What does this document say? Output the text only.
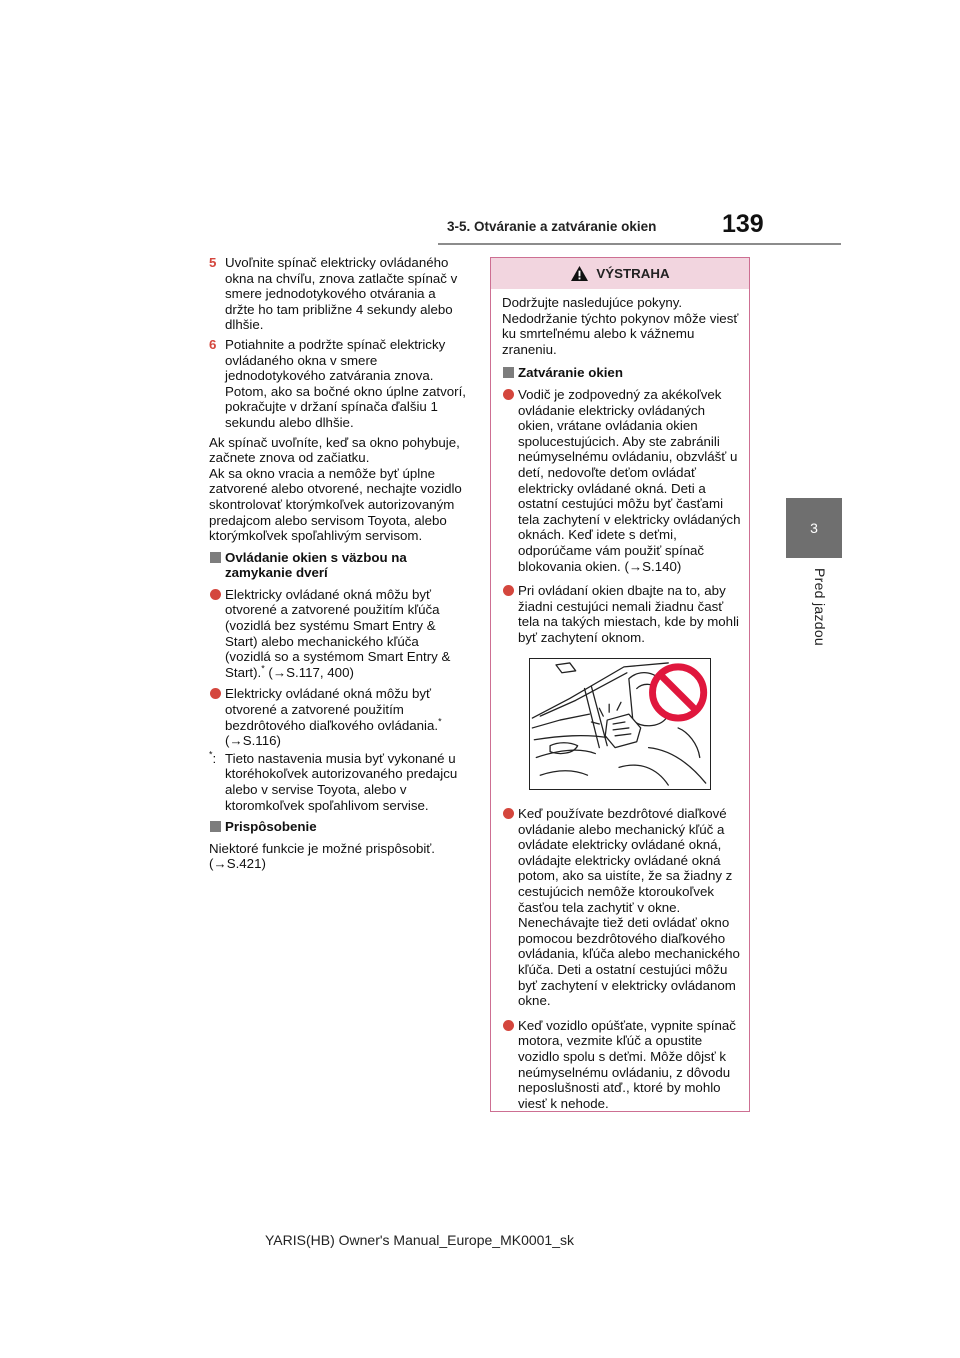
3-5. Otváranie a zatváranie okien	139
3
Pred jazdou
5 Uvoľnite spínač elektricky ovládaného okna na chvíľu, znova zatlačte spínač v smere jednodotykového otvárania a držte ho tam približne 4 sekundy alebo dlhšie.
6 Potiahnite a podržte spínač elektricky ovládaného okna v smere jednodotykového zatvárania znova. Potom, ako sa bočné okno úplne zatvorí, pokračujte v držaní spínača ďalšiu 1 sekundu alebo dlhšie.
Ak spínač uvoľníte, keď sa okno pohybuje, začnete znova od začiatku.
Ak sa okno vracia a nemôže byť úplne zatvorené alebo otvorené, nechajte vozidlo skontrolovať ktorýmkoľvek autorizovaným predajcom alebo servisom Toyota, alebo ktorýmkoľvek spoľahlivým servisom.
Ovládanie okien s väzbou na zamykanie dverí
Elektricky ovládané okná môžu byť otvorené a zatvorené použitím kľúča (vozidlá bez systému Smart Entry & Start) alebo mechanického kľúča (vozidlá so a systémom Smart Entry & Start).* (→S.117, 400)
Elektricky ovládané okná môžu byť otvorené a zatvorené použitím bezdrôtového diaľkového ovládania.*
(→S.116)
*: Tieto nastavenia musia byť vykonané u ktoréhokoľvek autorizovaného predajcu alebo v servise Toyota, alebo v ktoromkoľvek spoľahlivom servise.
Prispôsobenie
Niektoré funkcie je možné prispôsobiť. (→S.421)
VÝSTRAHA
Dodržujte nasledujúce pokyny. Nedodržanie týchto pokynov môže viesť ku smrteľnému alebo k vážnemu zraneniu.
Zatváranie okien
Vodič je zodpovedný za akékoľvek ovládanie elektricky ovládaných okien, vrátane ovládania okien spolucestujúcich. Aby ste zabránili neúmyselnému ovládaniu, obzvlášť u detí, nedovoľte deťom ovládať elektricky ovládané okná. Deti a ostatní cestujúci môžu byť časťami tela zachytení v elektricky ovládaných oknách. Keď idete s deťmi, odporúčame vám použiť spínač blokovania okien. (→S.140)
Pri ovládaní okien dbajte na to, aby žiadni cestujúci nemali žiadnu časť tela na takých miestach, kde by mohli byť zachytení oknom.
Keď používate bezdrôtové diaľkové ovládanie alebo mechanický kľúč a ovládate elektricky ovládané okná, ovládajte elektricky ovládané okná potom, ako sa uistíte, že sa žiadny z cestujúcich nemôže ktoroukoľvek časťou tela zachytiť v okne. Nenechávajte tiež deti ovládať okno pomocou bezdrôtového diaľkového ovládania, kľúča alebo mechanického kľúča. Deti a ostatní cestujúci môžu byť zachytení v elektricky ovládanom okne.
Keď vozidlo opúšťate, vypnite spínač motora, vezmite kľúč a opustite vozidlo spolu s deťmi. Môže dôjsť k neúmyselnému ovládaniu, z dôvodu neposlušnosti atď., ktoré by mohlo viesť k nehode.
YARIS(HB) Owner's Manual_Europe_MK0001_sk
